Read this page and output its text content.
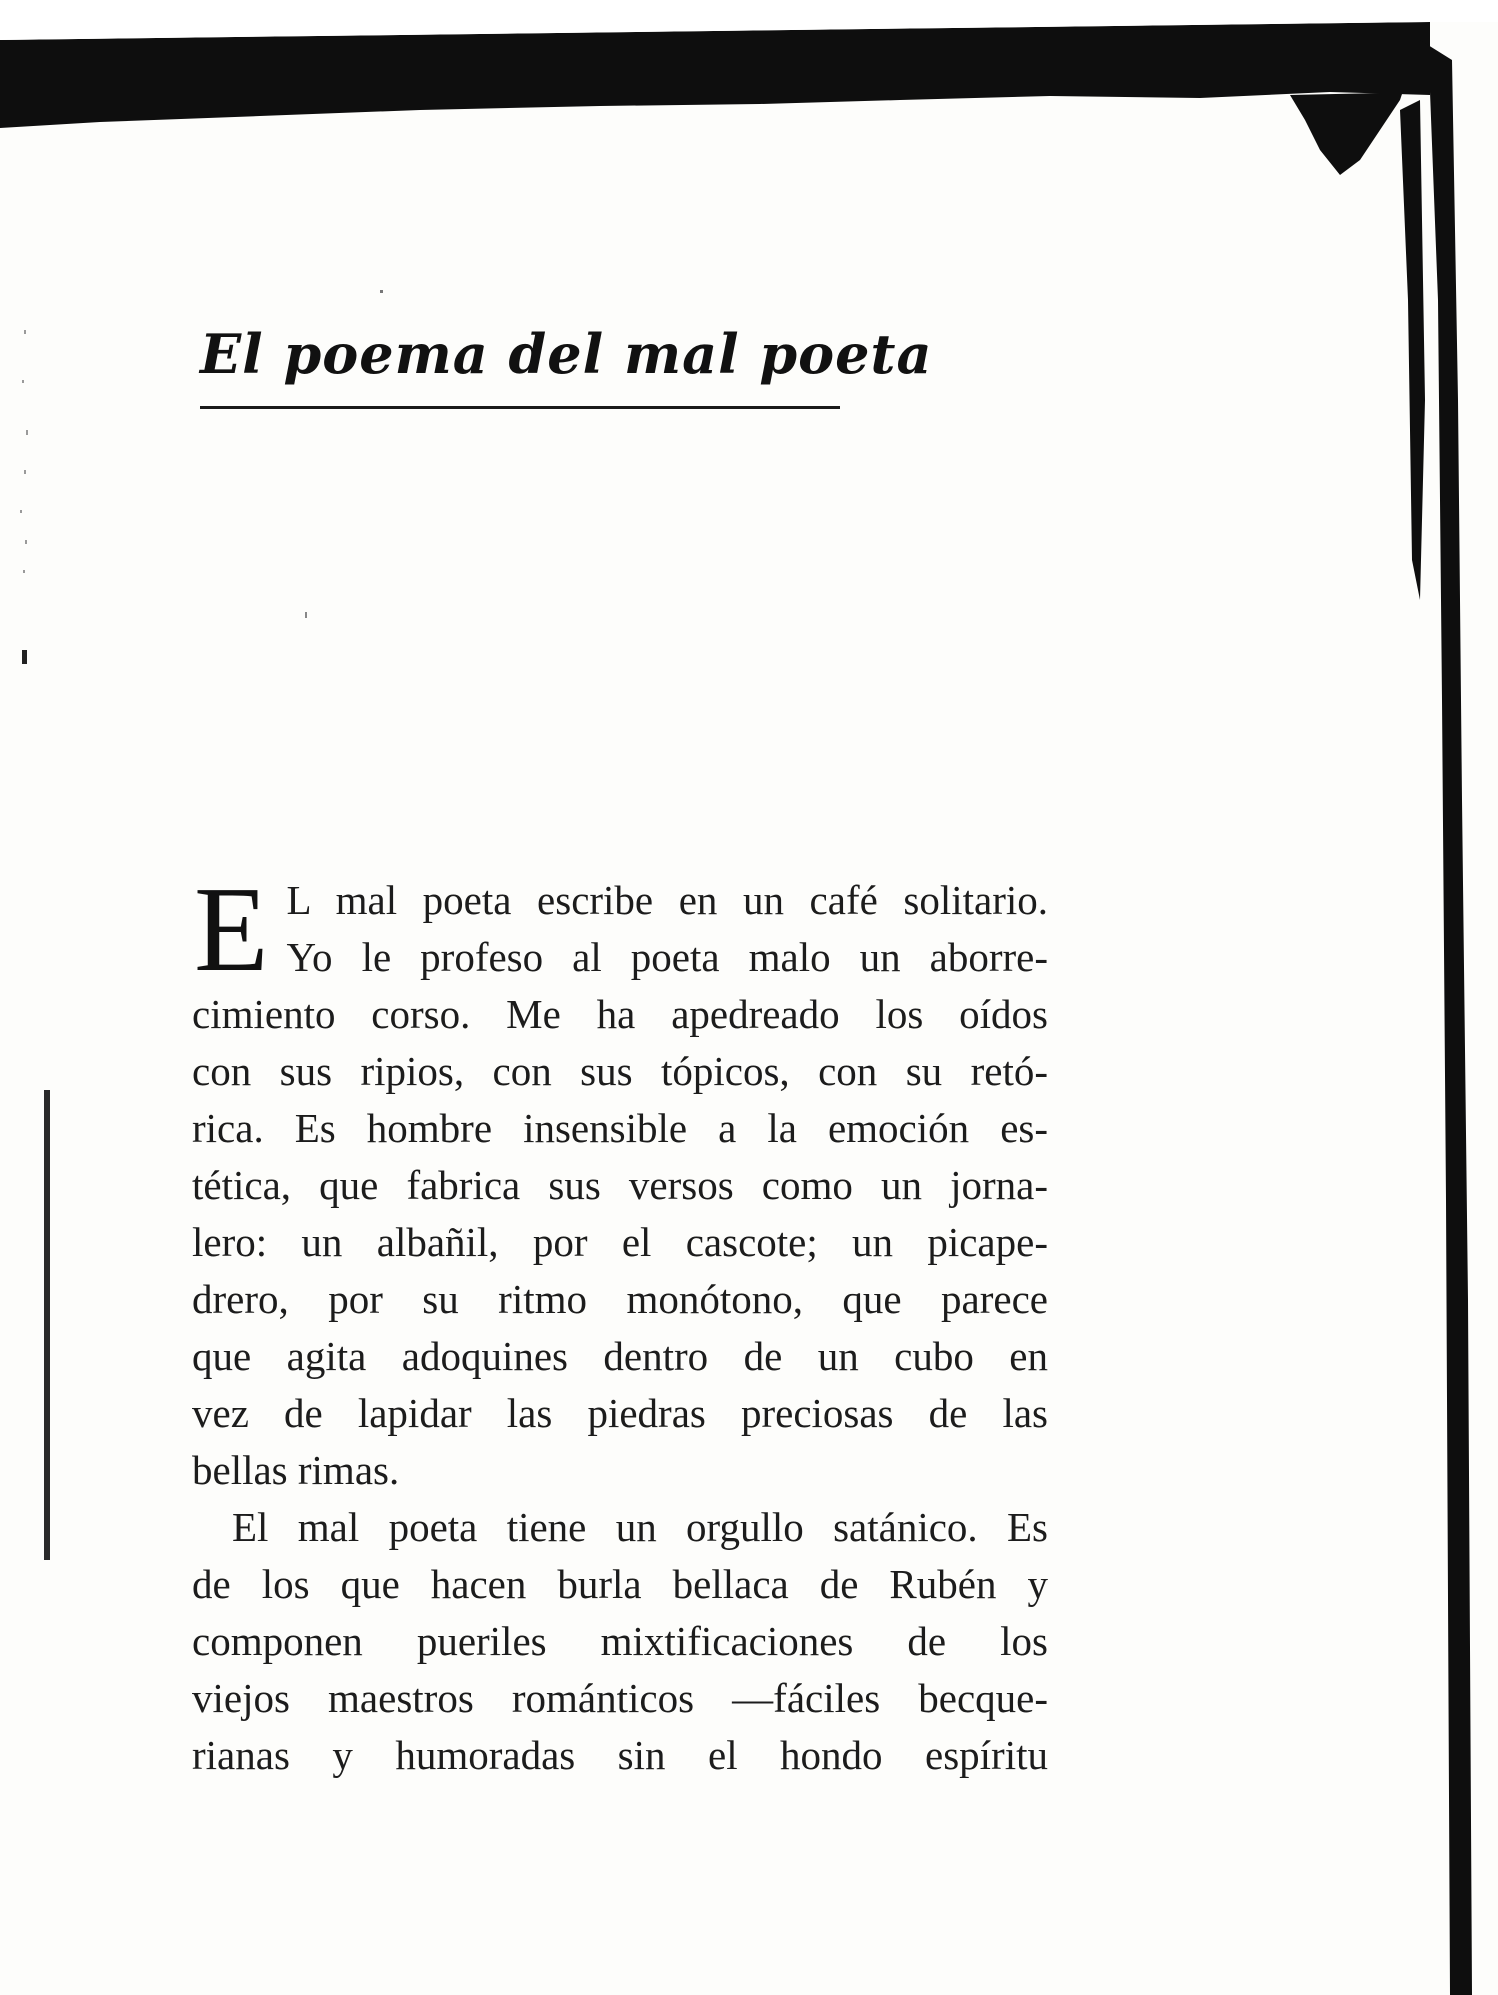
El poema del mal poeta
E L mal poeta escribe en un café solitario.
Yo le profeso al poeta malo un aborre-
cimiento corso. Me ha apedreado los oídos
con sus ripios, con sus tópicos, con su retó-
rica. Es hombre insensible a la emoción es-
tética, que fabrica sus versos como un jorna-
lero: un albañil, por el cascote; un picape-
drero, por su ritmo monótono, que parece
que agita adoquines dentro de un cubo en
vez de lapidar las piedras preciosas de las
bellas rimas.
El mal poeta tiene un orgullo satánico. Es
de los que hacen burla bellaca de Rubén y
componen pueriles mixtificaciones de los
viejos maestros románticos —fáciles becque-
rianas y humoradas sin el hondo espíritu
